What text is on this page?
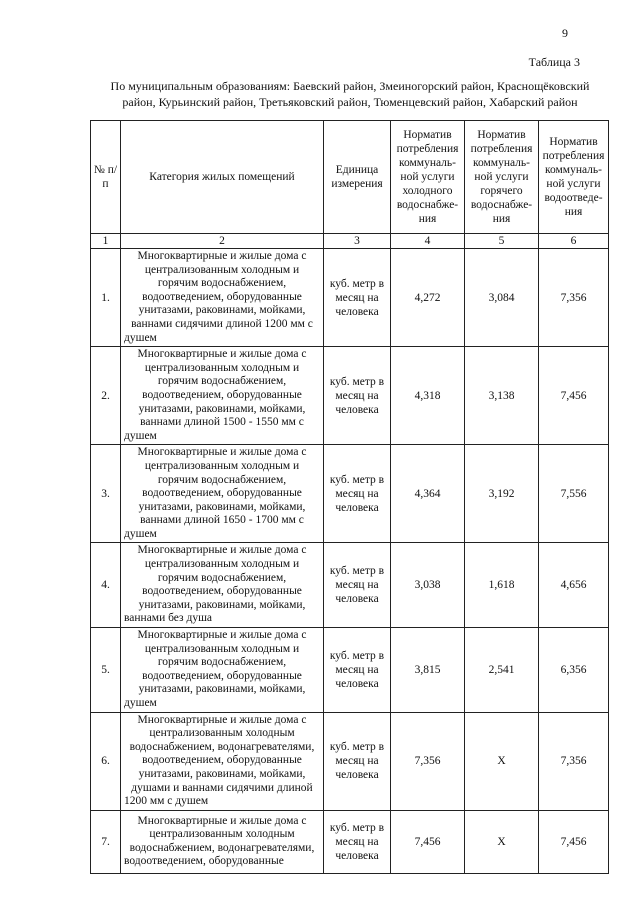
9
Таблица 3
По муниципальным образованиям: Баевский район, Змеиногорский район, Краснощёковский район, Курьинский район, Третьяковский район, Тюменцевский район, Хабарский район
№ п/п	Категория жилых помещений	Единица измерения	Норматив потребления коммуналь-ной услуги холодного водоснабже-ния	Норматив потребления коммуналь-ной услуги горячего водоснабже-ния	Норматив потребления коммуналь-ной услуги водоотведе-ния
1	2	3	4	5	6
1.	Многоквартирные и жилые дома с централизованным холодным и горячим водоснабжением, водоотведением, оборудованные унитазами, раковинами, мойками, ваннами сидячими длиной 1200 мм с душем	куб. метр в месяц на человека	4,272	3,084	7,356
2.	Многоквартирные и жилые дома с централизованным холодным и горячим водоснабжением, водоотведением, оборудованные унитазами, раковинами, мойками, ваннами длиной 1500 - 1550 мм с душем	куб. метр в месяц на человека	4,318	3,138	7,456
3.	Многоквартирные и жилые дома с централизованным холодным и горячим водоснабжением, водоотведением, оборудованные унитазами, раковинами, мойками, ваннами длиной 1650 - 1700 мм с душем	куб. метр в месяц на человека	4,364	3,192	7,556
4.	Многоквартирные и жилые дома с централизованным холодным и горячим водоснабжением, водоотведением, оборудованные унитазами, раковинами, мойками, ваннами без душа	куб. метр в месяц на человека	3,038	1,618	4,656
5.	Многоквартирные и жилые дома с централизованным холодным и горячим водоснабжением, водоотведением, оборудованные унитазами, раковинами, мойками, душем	куб. метр в месяц на человека	3,815	2,541	6,356
6.	Многоквартирные и жилые дома с централизованным холодным водоснабжением, водонагревателями, водоотведением, оборудованные унитазами, раковинами, мойками, душами и ваннами сидячими длиной 1200 мм с душем	куб. метр в месяц на человека	7,356	X	7,356
7.	Многоквартирные и жилые дома с централизованным холодным водоснабжением, водонагревателями, водоотведением, оборудованные	куб. метр в месяц на человека	7,456	X	7,456
